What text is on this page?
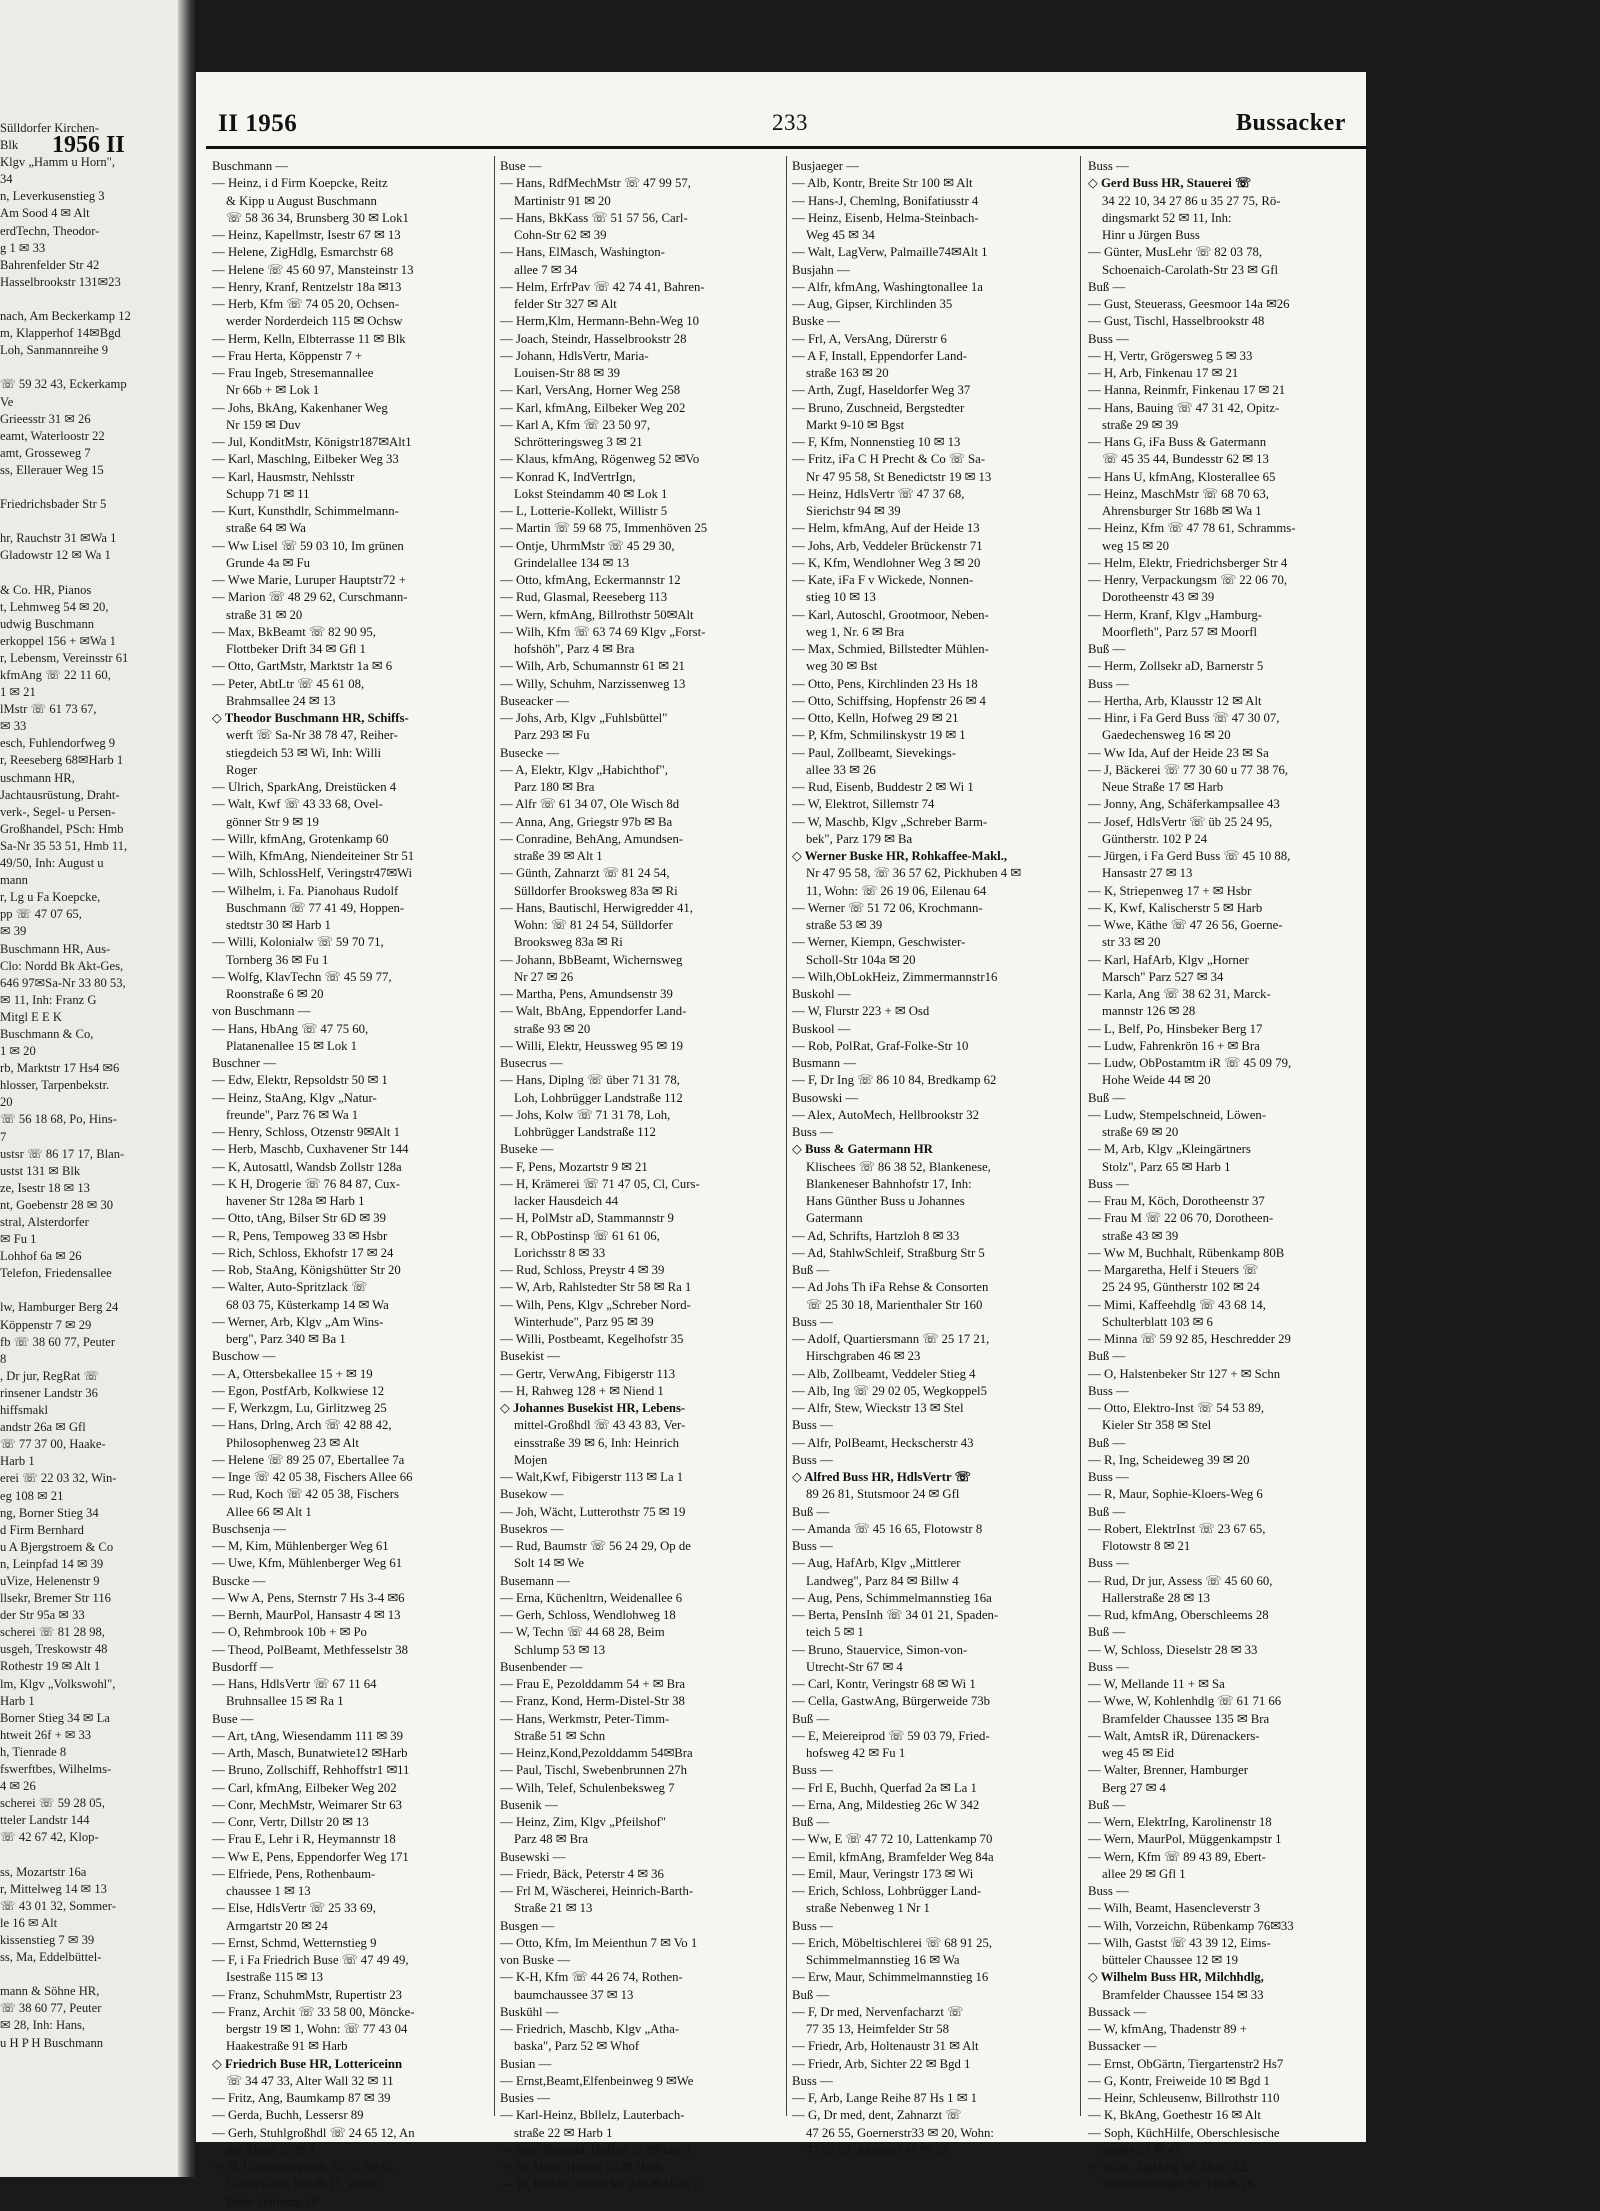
1956 II
Sülldorfer Kirchen-
Blk
Klgv „Hamm u Horn",
34
n, Leverkusenstieg 3
Am Sood 4 ✉ Alt
erdTechn, Theodor-
g 1 ✉ 33
Bahrenfelder Str 42
Hasselbrookstr 131✉23

nach, Am Beckerkamp 12
m, Klapperhof 14✉Bgd
Loh, Sanmannreihe 9

☏ 59 32 43, Eckerkamp
Ve
Grieesstr 31 ✉ 26
eamt, Waterloostr 22
amt, Grosseweg 7
ss, Ellerauer Weg 15

Friedrichsbader Str 5

hr, Rauchstr 31 ✉Wa 1
Gladowstr 12 ✉ Wa 1

& Co. HR, Pianos
t, Lehmweg 54 ✉ 20,
udwig Buschmann
erkoppel 156 + ✉Wa 1
r, Lebensm, Vereinsstr 61
kfmAng ☏ 22 11 60,
1 ✉ 21
lMstr ☏ 61 73 67,
✉ 33
esch, Fuhlendorfweg 9
r, Reeseberg 68✉Harb 1
uschmann HR,
Jachtausrüstung, Draht-
verk-, Segel- u Persen-
Großhandel, PSch: Hmb
Sa-Nr 35 53 51, Hmb 11,
49/50, Inh: August u
mann
r, Lg u Fa Koepcke,
pp ☏ 47 07 65,
✉ 39
Buschmann HR, Aus-
Clo: Nordd Bk Akt-Ges,
646 97✉Sa-Nr 33 80 53,
✉ 11, Inh: Franz G
Mitgl E E K
Buschmann & Co,
1 ✉ 20
rb, Marktstr 17 Hs4 ✉6
hlosser, Tarpenbekstr.
20
☏ 56 18 68, Po, Hins-
7
ustsr ☏ 86 17 17, Blan-
ustst 131 ✉ Blk
ze, Isestr 18 ✉ 13
nt, Goebenstr 28 ✉ 30
stral, Alsterdorfer
✉ Fu 1
Lohhof 6a ✉ 26
Telefon, Friedensallee

lw, Hamburger Berg 24
Köppenstr 7 ✉ 29
fb ☏ 38 60 77, Peuter
8
, Dr jur, RegRat ☏
rinsener Landstr 36
hiffsmakl
andstr 26a ✉ Gfl
☏ 77 37 00, Haake-
Harb 1
erei ☏ 22 03 32, Win-
eg 108 ✉ 21
ng, Borner Stieg 34
d Firm Bernhard
u A Bjergstroem & Co
n, Leinpfad 14 ✉ 39
uVize, Helenenstr 9
llsekr, Bremer Str 116
der Str 95a ✉ 33
scherei ☏ 81 28 98,
usgeh, Treskowstr 48
Rothestr 19 ✉ Alt 1
lm, Klgv „Volkswohl",
Harb 1
Borner Stieg 34 ✉ La
htweit 26f + ✉ 33
h, Tienrade 8
fswerftbes, Wilhelms-
4 ✉ 26
scherei ☏ 59 28 05,
tteler Landstr 144
☏ 42 67 42, Klop-

ss, Mozartstr 16a
r, Mittelweg 14 ✉ 13
☏ 43 01 32, Sommer-
le 16 ✉ Alt
kissenstieg 7 ✉ 39
ss, Ma, Eddelbüttel-

mann & Söhne HR,
☏ 38 60 77, Peuter
✉ 28, Inh: Hans,
u H P H Buschmann
II 1956	233	Bussacker
Buschmann —
— Heinz, i d Firm Koepcke, Reitz
& Kipp u August Buschmann
☏ 58 36 34, Brunsberg 30 ✉ Lok1
— Heinz, Kapellmstr, Isestr 67 ✉ 13
— Helene, ZigHdlg, Esmarchstr 68
— Helene ☏ 45 60 97, Mansteinstr 13
— Henry, Kranf, Rentzelstr 18a ✉13
— Herb, Kfm ☏ 74 05 20, Ochsen-
werder Norderdeich 115 ✉ Ochsw
— Herm, Kelln, Elbterrasse 11 ✉ Blk
— Frau Herta, Köppenstr 7 +
— Frau Ingeb, Stresemannallee
Nr 66b + ✉ Lok 1
— Johs, BkAng, Kakenhaner Weg
Nr 159 ✉ Duv
— Jul, KonditMstr, Königstr187✉Alt1
— Karl, Maschlng, Eilbeker Weg 33
— Karl, Hausmstr, Nehlsstr
Schupp 71 ✉ 11
— Kurt, Kunsthdlr, Schimmelmann-
straße 64 ✉ Wa
— Ww Lisel ☏ 59 03 10, Im grünen
Grunde 4a ✉ Fu
— Wwe Marie, Luruper Hauptstr72 +
— Marion ☏ 48 29 62, Curschmann-
straße 31 ✉ 20
— Max, BkBeamt ☏ 82 90 95,
Flottbeker Drift 34 ✉ Gfl 1
— Otto, GartMstr, Marktstr 1a ✉ 6
— Peter, AbtLtr ☏ 45 61 08,
Brahmsallee 24 ✉ 13
◇ Theodor Buschmann HR, Schiffs-
werft ☏ Sa-Nr 38 78 47, Reiher-
stiegdeich 53 ✉ Wi, Inh: Willi
Roger
— Ulrich, SparkAng, Dreistücken 4
— Walt, Kwf ☏ 43 33 68, Ovel-
gönner Str 9 ✉ 19
— Willr, kfmAng, Grotenkamp 60
— Wilh, KfmAng, Niendeiteiner Str 51
— Wilh, SchlossHelf, Veringstr47✉Wi
— Wilhelm, i. Fa. Pianohaus Rudolf
Buschmann ☏ 77 41 49, Hoppen-
stedtstr 30 ✉ Harb 1
— Willi, Kolonialw ☏ 59 70 71,
Tornberg 36 ✉ Fu 1
— Wolfg, KlavTechn ☏ 45 59 77,
Roonstraße 6 ✉ 20
von Buschmann —
— Hans, HbAng ☏ 47 75 60,
Platanenallee 15 ✉ Lok 1
Buschner —
— Edw, Elektr, Repsoldstr 50 ✉ 1
— Heinz, StaAng, Klgv „Natur-
freunde", Parz 76 ✉ Wa 1
— Henry, Schloss, Otzenstr 9✉Alt 1
— Herb, Maschb, Cuxhavener Str 144
— K, Autosattl, Wandsb Zollstr 128a
— K H, Drogerie ☏ 76 84 87, Cux-
havener Str 128a ✉ Harb 1
— Otto, tAng, Bilser Str 6D ✉ 39
— R, Pens, Tempoweg 33 ✉ Hsbr
— Rich, Schloss, Ekhofstr 17 ✉ 24
— Rob, StaAng, Königshütter Str 20
— Walter, Auto-Spritzlack ☏
68 03 75, Küsterkamp 14 ✉ Wa
— Werner, Arb, Klgv „Am Wins-
berg", Parz 340 ✉ Ba 1
Buschow —
— A, Ottersbekallee 15 + ✉ 19
— Egon, PostfArb, Kolkwiese 12
— F, Werkzgm, Lu, Girlitzweg 25
— Hans, Drlng, Arch ☏ 42 88 42,
Philosophenweg 23 ✉ Alt
— Helene ☏ 89 25 07, Ebertallee 7a
— Inge ☏ 42 05 38, Fischers Allee 66
— Rud, Koch ☏ 42 05 38, Fischers
Allee 66 ✉ Alt 1
Buschsenja —
— M, Kim, Mühlenberger Weg 61
— Uwe, Kfm, Mühlenberger Weg 61
Buscke —
— Ww A, Pens, Sternstr 7 Hs 3-4 ✉6
— Bernh, MaurPol, Hansastr 4 ✉ 13
— O, Rehmbrook 10b + ✉ Po
— Theod, PolBeamt, Methfesselstr 38
Busdorff —
— Hans, HdlsVertr ☏ 67 11 64
Bruhnsallee 15 ✉ Ra 1
Buse —
— Art, tAng, Wiesendamm 111 ✉ 39
— Arth, Masch, Bunatwiete12 ✉Harb
— Bruno, Zollschiff, Rehhoffstr1 ✉11
— Carl, kfmAng, Eilbeker Weg 202
— Conr, MechMstr, Weimarer Str 63
— Conr, Vertr, Dillstr 20 ✉ 13
— Frau E, Lehr i R, Heymannstr 18
— Ww E, Pens, Eppendorfer Weg 171
— Elfriede, Pens, Rothenbaum-
chaussee 1 ✉ 13
— Else, HdlsVertr ☏ 25 33 69,
Armgartstr 20 ✉ 24
— Ernst, Schmd, Wetternstieg 9
— F, i Fa Friedrich Buse ☏ 47 49 49,
Isestraße 115 ✉ 13
— Franz, SchuhmMstr, Rupertistr 23
— Franz, Archit ☏ 33 58 00, Möncke-
bergstr 19 ✉ 1, Wohn: ☏ 77 43 04
Haakestraße 91 ✉ Harb
◇ Friedrich Buse HR, Lottericeinn
☏ 34 47 33, Alter Wall 32 ✉ 11
— Fritz, Ang, Baumkamp 87 ✉ 39
— Gerda, Buchh, Lessersr 89
— Gerh, Stuhlgroßhdl ☏ 24 65 12, An
der Alster 26 ✉ 1
— H, Uhrenfachgesch ☏ 45 69 65,
Grindelallee 106 ✉ 13, Wohn:
Beim Schlump 18
Buse —
— Hans, RdfMechMstr ☏ 47 99 57,
Martinistr 91 ✉ 20
— Hans, BkKass ☏ 51 57 56, Carl-
Cohn-Str 62 ✉ 39
— Hans, ElMasch, Washington-
allee 7 ✉ 34
— Helm, ErfrPav ☏ 42 74 41, Bahren-
felder Str 327 ✉ Alt
— Herm,Klm, Hermann-Behn-Weg 10
— Joach, Steindr, Hasselbrookstr 28
— Johann, HdlsVertr, Maria-
Louisen-Str 88 ✉ 39
— Karl, VersAng, Horner Weg 258
— Karl, kfmAng, Eilbeker Weg 202
— Karl A, Kfm ☏ 23 50 97,
Schrötteringsweg 3 ✉ 21
— Klaus, kfmAng, Rögenweg 52 ✉Vo
— Konrad K, IndVertrIgn,
Lokst Steindamm 40 ✉ Lok 1
— L, Lotterie-Kollekt, Willistr 5
— Martin ☏ 59 68 75, Immenhöven 25
— Ontje, UhrmMstr ☏ 45 29 30,
Grindelallee 134 ✉ 13
— Otto, kfmAng, Eckermannstr 12
— Rud, Glasmal, Reeseberg 113
— Wern, kfmAng, Billrothstr 50✉Alt
— Wilh, Kfm ☏ 63 74 69 Klgv „Forst-
hofshöh", Parz 4 ✉ Bra
— Wilh, Arb, Schumannstr 61 ✉ 21
— Willy, Schuhm, Narzissenweg 13
Buseacker —
— Johs, Arb, Klgv „Fuhlsbüttel"
Parz 293 ✉ Fu
Busecke —
— A, Elektr, Klgv „Habichthof",
Parz 180 ✉ Bra
— Alfr ☏ 61 34 07, Ole Wisch 8d
— Anna, Ang, Griegstr 97b ✉ Ba
— Conradine, BehAng, Amundsen-
straße 39 ✉ Alt 1
— Günth, Zahnarzt ☏ 81 24 54,
Sülldorfer Brooksweg 83a ✉ Ri
— Hans, Bautischl, Herwigredder 41,
Wohn: ☏ 81 24 54, Sülldorfer
Brooksweg 83a ✉ Ri
— Johann, BbBeamt, Wichernsweg
Nr 27 ✉ 26
— Martha, Pens, Amundsenstr 39
— Walt, BbAng, Eppendorfer Land-
straße 93 ✉ 20
— Willi, Elektr, Heussweg 95 ✉ 19
Busecrus —
— Hans, Diplng ☏ über 71 31 78,
Loh, Lohbrügger Landstraße 112
— Johs, Kolw ☏ 71 31 78, Loh,
Lohbrügger Landstraße 112
Buseke —
— F, Pens, Mozartstr 9 ✉ 21
— H, Krämerei ☏ 71 47 05, Cl, Curs-
lacker Hausdeich 44
— H, PolMstr aD, Stammannstr 9
— R, ObPostinsp ☏ 61 61 06,
Lorichsstr 8 ✉ 33
— Rud, Schloss, Preystr 4 ✉ 39
— W, Arb, Rahlstedter Str 58 ✉ Ra 1
— Wilh, Pens, Klgv „Schreber Nord-
Winterhude", Parz 95 ✉ 39
— Willi, Postbeamt, Kegelhofstr 35
Busekist —
— Gertr, VerwAng, Fibigerstr 113
— H, Rahweg 128 + ✉ Niend 1
◇ Johannes Busekist HR, Lebens-
mittel-Großhdl ☏ 43 43 83, Ver-
einsstraße 39 ✉ 6, Inh: Heinrich
Mojen
— Walt,Kwf, Fibigerstr 113 ✉ La 1
Busekow —
— Joh, Wächt, Lutterothstr 75 ✉ 19
Busekros —
— Rud, Baumstr ☏ 56 24 29, Op de
Solt 14 ✉ We
Busemann —
— Erna, Küchenltrn, Weidenallee 6
— Gerh, Schloss, Wendlohweg 18
— W, Techn ☏ 44 68 28, Beim
Schlump 53 ✉ 13
Busenbender —
— Frau E, Pezolddamm 54 + ✉ Bra
— Franz, Kond, Herm-Distel-Str 38
— Hans, Werkmstr, Peter-Timm-
Straße 51 ✉ Schn
— Heinz,Kond,Pezolddamm 54✉Bra
— Paul, Tischl, Swebenbrunnen 27h
— Wilh, Telef, Schulenbeksweg 7
Busenik —
— Heinz, Zim, Klgv „Pfeilshof"
Parz 48 ✉ Bra
Busewski —
— Friedr, Bäck, Peterstr 4 ✉ 36
— Frl M, Wäscherei, Heinrich-Barth-
Straße 21 ✉ 13
Busgen —
— Otto, Kfm, Im Meienthun 7 ✉ Vo 1
von Buske —
— K-H, Kfm ☏ 44 26 74, Rothen-
baumchaussee 37 ✉ 13
Buskühl —
— Friedrich, Maschb, Klgv „Atha-
baska", Parz 52 ✉ Whof
Busian —
— Ernst,Beamt,Elfenbeinweg 9 ✉We
Busies —
— Karl-Heinz, Bbllelz, Lauterbach-
straße 22 ✉ Harb 1
— Rob, Reisend, Hoffstr 55 ✉Harb 1
— W, Maur, Hoffstr 55 ✉ Harb
— W, BbArb, Stader Str 240 ✉ Harb 1
Busjaeger —
— Alb, Kontr, Breite Str 100 ✉ Alt
— Hans-J, Chemlng, Bonifatiusstr 4
— Heinz, Eisenb, Helma-Steinbach-
Weg 45 ✉ 34
— Walt, LagVerw, Palmaille74✉Alt 1
Busjahn —
— Alfr, kfmAng, Washingtonallee 1a
— Aug, Gipser, Kirchlinden 35
Buske —
— Frl, A, VersAng, Dürerstr 6
— A F, Install, Eppendorfer Land-
straße 163 ✉ 20
— Arth, Zugf, Haseldorfer Weg 37
— Bruno, Zuschneid, Bergstedter
Markt 9-10 ✉ Bgst
— F, Kfm, Nonnenstieg 10 ✉ 13
— Fritz, iFa C H Precht & Co ☏ Sa-
Nr 47 95 58, St Benedictstr 19 ✉ 13
— Heinz, HdlsVertr ☏ 47 37 68,
Sierichstr 94 ✉ 39
— Helm, kfmAng, Auf der Heide 13
— Johs, Arb, Veddeler Brückenstr 71
— K, Kfm, Wendlohner Weg 3 ✉ 20
— Kate, iFa F v Wickede, Nonnen-
stieg 10 ✉ 13
— Karl, Autoschl, Grootmoor, Neben-
weg 1, Nr. 6 ✉ Bra
— Max, Schmied, Billstedter Mühlen-
weg 30 ✉ Bst
— Otto, Pens, Kirchlinden 23 Hs 18
— Otto, Schiffsing, Hopfenstr 26 ✉ 4
— Otto, Kelln, Hofweg 29 ✉ 21
— P, Kfm, Schmilinskystr 19 ✉ 1
— Paul, Zollbeamt, Sievekings-
allee 33 ✉ 26
— Rud, Eisenb, Buddestr 2 ✉ Wi 1
— W, Elektrot, Sillemstr 74
— W, Maschb, Klgv „Schreber Barm-
bek", Parz 179 ✉ Ba
◇ Werner Buske HR, Rohkaffee-Makl.,
Nr 47 95 58, ☏ 36 57 62, Pickhuben 4 ✉
11, Wohn: ☏ 26 19 06, Eilenau 64
— Werner ☏ 51 72 06, Krochmann-
straße 53 ✉ 39
— Werner, Kiempn, Geschwister-
Scholl-Str 104a ✉ 20
— Wilh,ObLokHeiz, Zimmermannstr16
Buskohl —
— W, Flurstr 223 + ✉ Osd
Buskool —
— Rob, PolRat, Graf-Folke-Str 10
Busmann —
— F, Dr Ing ☏ 86 10 84, Bredkamp 62
Busowski —
— Alex, AutoMech, Hellbrookstr 32
Buss —
◇ Buss & Gatermann HR
Klischees ☏ 86 38 52, Blankenese,
Blankeneser Bahnhofstr 17, Inh:
Hans Günther Buss u Johannes
Gatermann
— Ad, Schrifts, Hartzloh 8 ✉ 33
— Ad, StahlwSchleif, Straßburg Str 5
Buß —
— Ad Johs Th iFa Rehse & Consorten
☏ 25 30 18, Marienthaler Str 160
Buss —
— Adolf, Quartiersmann ☏ 25 17 21,
Hirschgraben 46 ✉ 23
— Alb, Zollbeamt, Veddeler Stieg 4
— Alb, Ing ☏ 29 02 05, Wegkoppel5
— Alfr, Stew, Wieckstr 13 ✉ Stel
Buss —
— Alfr, PolBeamt, Heckscherstr 43
Buss —
◇ Alfred Buss HR, HdlsVertr ☏
89 26 81, Stutsmoor 24 ✉ Gfl
Buß —
— Amanda ☏ 45 16 65, Flotowstr 8
Buss —
— Aug, HafArb, Klgv „Mittlerer
Landweg", Parz 84 ✉ Billw 4
— Aug, Pens, Schimmelmannstieg 16a
— Berta, PensInh ☏ 34 01 21, Spaden-
teich 5 ✉ 1
— Bruno, Stauervice, Simon-von-
Utrecht-Str 67 ✉ 4
— Carl, Kontr, Veringstr 68 ✉ Wi 1
— Cella, GastwAng, Bürgerweide 73b
Buß —
— E, Meiereiprod ☏ 59 03 79, Fried-
hofsweg 42 ✉ Fu 1
Buss —
— Frl E, Buchh, Querfad 2a ✉ La 1
— Erna, Ang, Mildestieg 26c W 342
Buß —
— Ww, E ☏ 47 72 10, Lattenkamp 70
— Emil, kfmAng, Bramfelder Weg 84a
— Emil, Maur, Veringstr 173 ✉ Wi
— Erich, Schloss, Lohbrügger Land-
straße Nebenweg 1 Nr 1
Buss —
— Erich, Möbeltischlerei ☏ 68 91 25,
Schimmelmannstieg 16 ✉ Wa
— Erw, Maur, Schimmelmannstieg 16
Buß —
— F, Dr med, Nervenfacharzt ☏
77 35 13, Heimfelder Str 58
— Friedr, Arb, Holtenaustr 31 ✉ Alt
— Friedr, Arb, Sichter 22 ✉ Bgd 1
Buss —
— F, Arb, Lange Reihe 87 Hs 1 ✉ 1
— G, Dr med, dent, Zahnarzt ☏
47 26 55, Goernerstr33 ✉ 20, Wohn:
47 37 03, Agnesstr 45 ✉ 39
Buss —
◇ Gerd Buss HR, Stauerei ☏
34 22 10, 34 27 86 u 35 27 75, Rö-
dingsmarkt 52 ✉ 11, Inh:
Hinr u Jürgen Buss
— Günter, MusLehr ☏ 82 03 78,
Schoenaich-Carolath-Str 23 ✉ Gfl
Buß —
— Gust, Steuerass, Geesmoor 14a ✉26
— Gust, Tischl, Hasselbrookstr 48
Buss —
— H, Vertr, Grögersweg 5 ✉ 33
— H, Arb, Finkenau 17 ✉ 21
— Hanna, Reinmfr, Finkenau 17 ✉ 21
— Hans, Bauing ☏ 47 31 42, Opitz-
straße 29 ✉ 39
— Hans G, iFa Buss & Gatermann
☏ 45 35 44, Bundesstr 62 ✉ 13
— Hans U, kfmAng, Klosterallee 65
— Heinz, MaschMstr ☏ 68 70 63,
Ahrensburger Str 168b ✉ Wa 1
— Heinz, Kfm ☏ 47 78 61, Schramms-
weg 15 ✉ 20
— Helm, Elektr, Friedrichsberger Str 4
— Henry, Verpackungsm ☏ 22 06 70,
Dorotheenstr 43 ✉ 39
— Herm, Kranf, Klgv „Hamburg-
Moorfleth", Parz 57 ✉ Moorfl
Buß —
— Herm, Zollsekr aD, Barnerstr 5
Buss —
— Hertha, Arb, Klausstr 12 ✉ Alt
— Hinr, i Fa Gerd Buss ☏ 47 30 07,
Gaedechensweg 16 ✉ 20
— Ww Ida, Auf der Heide 23 ✉ Sa
— J, Bäckerei ☏ 77 30 60 u 77 38 76,
Neue Straße 17 ✉ Harb
— Jonny, Ang, Schäferkampsallee 43
— Josef, HdlsVertr ☏ üb 25 24 95,
Güntherstr. 102 P 24
— Jürgen, i Fa Gerd Buss ☏ 45 10 88,
Hansastr 27 ✉ 13
— K, Striepenweg 17 + ✉ Hsbr
— K, Kwf, Kalischerstr 5 ✉ Harb
— Wwe, Käthe ☏ 47 26 56, Goerne-
str 33 ✉ 20
— Karl, HafArb, Klgv „Horner
Marsch" Parz 527 ✉ 34
— Karla, Ang ☏ 38 62 31, Marck-
mannstr 126 ✉ 28
— L, Belf, Po, Hinsbeker Berg 17
— Ludw, Fahrenkrön 16 + ✉ Bra
— Ludw, ObPostamtm iR ☏ 45 09 79,
Hohe Weide 44 ✉ 20
Buß —
— Ludw, Stempelschneid, Löwen-
straße 69 ✉ 20
— M, Arb, Klgv „Kleingärtners
Stolz", Parz 65 ✉ Harb 1
Buss —
— Frau M, Köch, Dorotheenstr 37
— Frau M ☏ 22 06 70, Dorotheen-
straße 43 ✉ 39
— Ww M, Buchhalt, Rübenkamp 80B
— Margaretha, Helf i Steuers ☏
25 24 95, Güntherstr 102 ✉ 24
— Mimi, Kaffeehdlg ☏ 43 68 14,
Schulterblatt 103 ✉ 6
— Minna ☏ 59 92 85, Heschredder 29
Buß —
— O, Halstenbeker Str 127 + ✉ Schn
Buss —
— Otto, Elektro-Inst ☏ 54 53 89,
Kieler Str 358 ✉ Stel
Buß —
— R, Ing, Scheideweg 39 ✉ 20
Buss —
— R, Maur, Sophie-Kloers-Weg 6
Buß —
— Robert, ElektrInst ☏ 23 67 65,
Flotowstr 8 ✉ 21
Buss —
— Rud, Dr jur, Assess ☏ 45 60 60,
Hallerstraße 28 ✉ 13
— Rud, kfmAng, Oberschleems 28
Buß —
— W, Schloss, Dieselstr 28 ✉ 33
Buss —
— W, Mellande 11 + ✉ Sa
— Wwe, W, Kohlenhdlg ☏ 61 71 66
Bramfelder Chaussee 135 ✉ Bra
— Walt, AmtsR iR, Dürenackers-
weg 45 ✉ Eid
— Walter, Brenner, Hamburger
Berg 27 ✉ 4
Buß —
— Wern, ElektrIng, Karolinenstr 18
— Wern, MaurPol, Müggenkampstr 1
— Wern, Kfm ☏ 89 43 89, Ebert-
allee 29 ✉ Gfl 1
Buss —
— Wilh, Beamt, Hasencleverstr 3
— Wilh, Vorzeichn, Rübenkamp 76✉33
— Wilh, Gastst ☏ 43 39 12, Eims-
bütteler Chaussee 12 ✉ 19
◇ Wilhelm Buss HR, Milchhdlg,
Bramfelder Chaussee 154 ✉ 33
Bussack —
— W, kfmAng, Thadenstr 89 +
Bussacker —
— Ernst, ObGärtn, Tiergartenstr2 Hs7
— G, Kontr, Freiweide 10 ✉ Bgd 1
— Heinr, Schleusenw, Billrothstr 110
— K, BkAng, Goethestr 16 ✉ Alt
— Soph, KüchHilfe, Oberschlesische
Straße 59 ✉ 43
— Wilh, ZigHdlg ☏ 38 67 32,
Wilhelmsburger Str 14a ✉ 28
